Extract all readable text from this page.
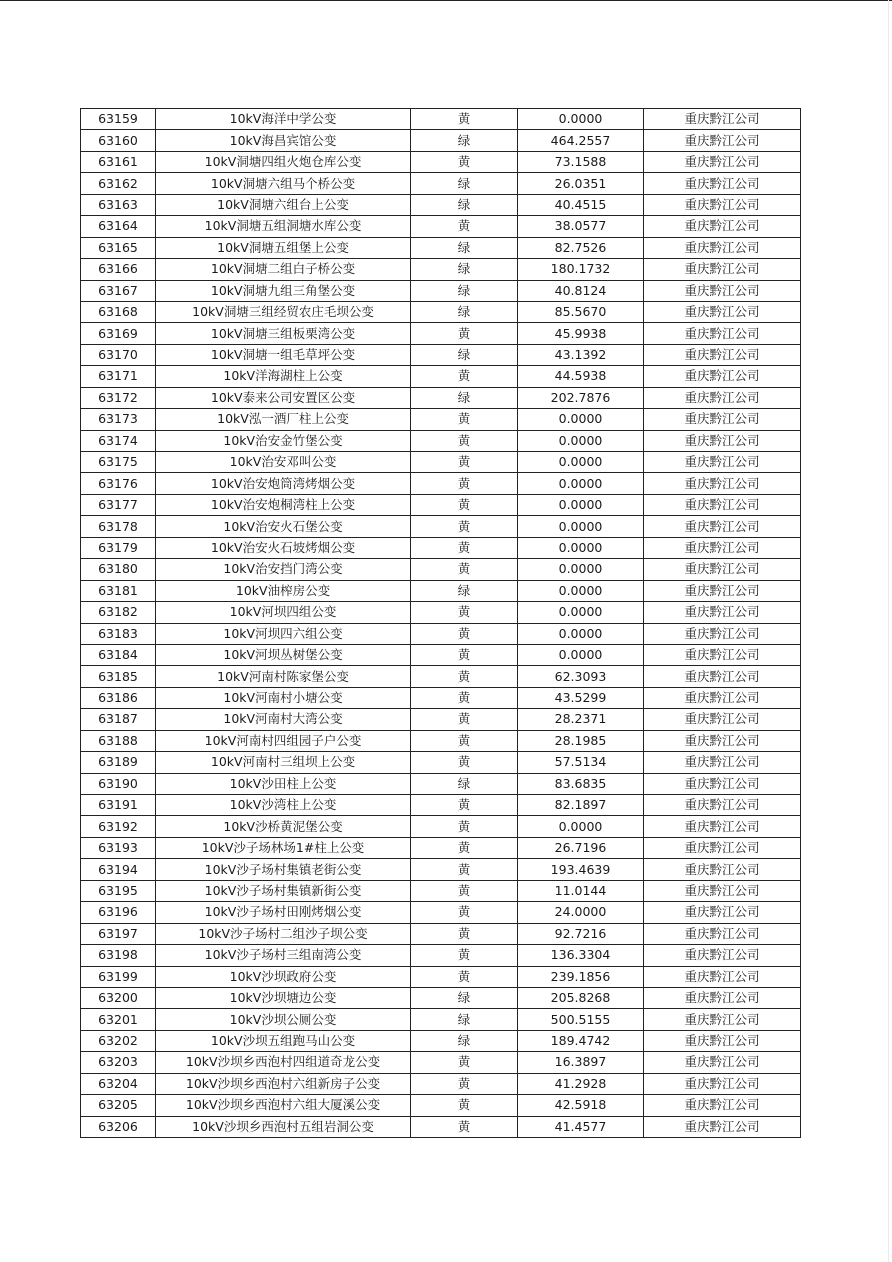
63159	10kV海洋中学公变	黄	0.0000	重庆黔江公司
63160	10kV海昌宾馆公变	绿	464.2557	重庆黔江公司
63161	10kV洞塘四组火炮仓库公变	黄	73.1588	重庆黔江公司
63162	10kV洞塘六组马个桥公变	绿	26.0351	重庆黔江公司
63163	10kV洞塘六组台上公变	绿	40.4515	重庆黔江公司
63164	10kV洞塘五组洞塘水库公变	黄	38.0577	重庆黔江公司
63165	10kV洞塘五组堡上公变	绿	82.7526	重庆黔江公司
63166	10kV洞塘二组白子桥公变	绿	180.1732	重庆黔江公司
63167	10kV洞塘九组三角堡公变	绿	40.8124	重庆黔江公司
63168	10kV洞塘三组经贸农庄毛坝公变	绿	85.5670	重庆黔江公司
63169	10kV洞塘三组板栗湾公变	黄	45.9938	重庆黔江公司
63170	10kV洞塘一组毛草坪公变	绿	43.1392	重庆黔江公司
63171	10kV洋海湖柱上公变	黄	44.5938	重庆黔江公司
63172	10kV泰来公司安置区公变	绿	202.7876	重庆黔江公司
63173	10kV泓一酒厂柱上公变	黄	0.0000	重庆黔江公司
63174	10kV治安金竹堡公变	黄	0.0000	重庆黔江公司
63175	10kV治安邓叫公变	黄	0.0000	重庆黔江公司
63176	10kV治安炮筒湾烤烟公变	黄	0.0000	重庆黔江公司
63177	10kV治安炮桐湾柱上公变	黄	0.0000	重庆黔江公司
63178	10kV治安火石堡公变	黄	0.0000	重庆黔江公司
63179	10kV治安火石坡烤烟公变	黄	0.0000	重庆黔江公司
63180	10kV治安挡门湾公变	黄	0.0000	重庆黔江公司
63181	10kV油榨房公变	绿	0.0000	重庆黔江公司
63182	10kV河坝四组公变	黄	0.0000	重庆黔江公司
63183	10kV河坝四六组公变	黄	0.0000	重庆黔江公司
63184	10kV河坝丛树堡公变	黄	0.0000	重庆黔江公司
63185	10kV河南村陈家堡公变	黄	62.3093	重庆黔江公司
63186	10kV河南村小塘公变	黄	43.5299	重庆黔江公司
63187	10kV河南村大湾公变	黄	28.2371	重庆黔江公司
63188	10kV河南村四组园子户公变	黄	28.1985	重庆黔江公司
63189	10kV河南村三组坝上公变	黄	57.5134	重庆黔江公司
63190	10kV沙田柱上公变	绿	83.6835	重庆黔江公司
63191	10kV沙湾柱上公变	黄	82.1897	重庆黔江公司
63192	10kV沙桥黄泥堡公变	黄	0.0000	重庆黔江公司
63193	10kV沙子场林场1#柱上公变	黄	26.7196	重庆黔江公司
63194	10kV沙子场村集镇老街公变	黄	193.4639	重庆黔江公司
63195	10kV沙子场村集镇新街公变	黄	11.0144	重庆黔江公司
63196	10kV沙子场村田刚烤烟公变	黄	24.0000	重庆黔江公司
63197	10kV沙子场村二组沙子坝公变	黄	92.7216	重庆黔江公司
63198	10kV沙子场村三组南湾公变	黄	136.3304	重庆黔江公司
63199	10kV沙坝政府公变	黄	239.1856	重庆黔江公司
63200	10kV沙坝塘边公变	绿	205.8268	重庆黔江公司
63201	10kV沙坝公厕公变	绿	500.5155	重庆黔江公司
63202	10kV沙坝五组跑马山公变	绿	189.4742	重庆黔江公司
63203	10kV沙坝乡西泡村四组道奇龙公变	黄	16.3897	重庆黔江公司
63204	10kV沙坝乡西泡村六组新房子公变	黄	41.2928	重庆黔江公司
63205	10kV沙坝乡西泡村六组大厦溪公变	黄	42.5918	重庆黔江公司
63206	10kV沙坝乡西泡村五组岩洞公变	黄	41.4577	重庆黔江公司
